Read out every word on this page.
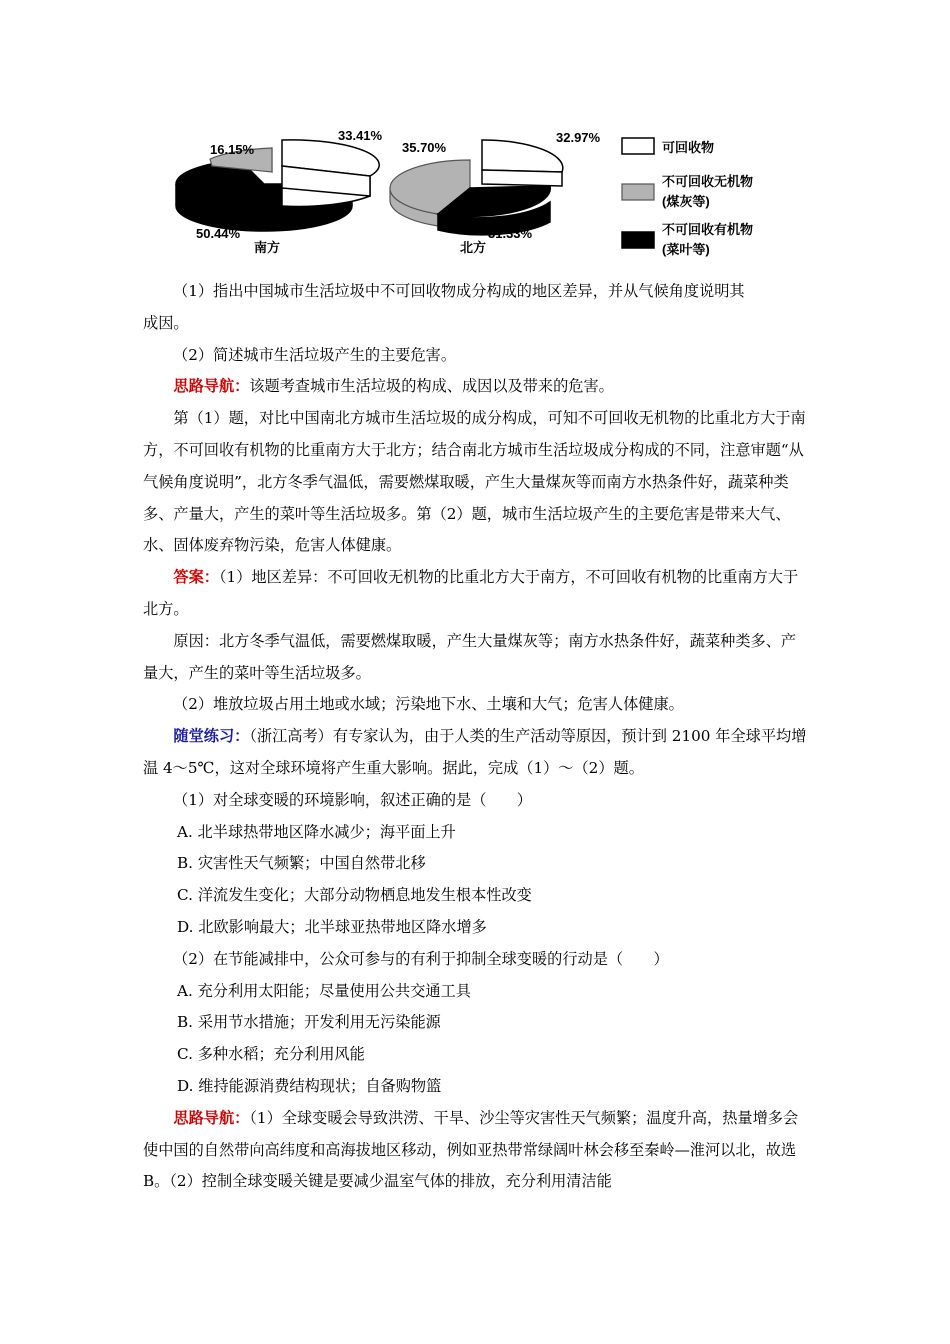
16.15%
33.41%
50.44%
南方
35.70%
32.97%
31.33%
北方
可回收物
不可回收无机物
(煤灰等)
不可回收有机物
(菜叶等)

（1）指出中国城市生活垃圾中不可回收物成分构成的地区差异，并从气候角度说明其

成因。

（2）简述城市生活垃圾产生的主要危害。

思路导航：该题考查城市生活垃圾的构成、成因以及带来的危害。

第（1）题，对比中国南北方城市生活垃圾的成分构成，可知不可回收无机物的比重北方大于南方，不可回收有机物的比重南方大于北方；结合南北方城市生活垃圾成分构成的不同，注意审题“从气候角度说明”，北方冬季气温低，需要燃煤取暖，产生大量煤灰等而南方水热条件好，蔬菜种类多、产量大，产生的菜叶等生活垃圾多。第（2）题，城市生活垃圾产生的主要危害是带来大气、水、固体废弃物污染，危害人体健康。

答案：（1）地区差异：不可回收无机物的比重北方大于南方，不可回收有机物的比重南方大于北方。

原因：北方冬季气温低，需要燃煤取暖，产生大量煤灰等；南方水热条件好，蔬菜种类多、产量大，产生的菜叶等生活垃圾多。

（2）堆放垃圾占用土地或水域；污染地下水、土壤和大气；危害人体健康。

随堂练习：（浙江高考）有专家认为，由于人类的生产活动等原因，预计到 2100 年全球平均增温 4～5℃，这对全球环境将产生重大影响。据此，完成（1）～（2）题。

（1）对全球变暖的环境影响，叙述正确的是（　　）

A. 北半球热带地区降水减少；海平面上升

B. 灾害性天气频繁；中国自然带北移

C. 洋流发生变化；大部分动物栖息地发生根本性改变

D. 北欧影响最大；北半球亚热带地区降水增多

（2）在节能减排中，公众可参与的有利于抑制全球变暖的行动是（　　）

A. 充分利用太阳能；尽量使用公共交通工具

B. 采用节水措施；开发利用无污染能源

C. 多种水稻；充分利用风能

D. 维持能源消费结构现状；自备购物篮

思路导航：（1）全球变暖会导致洪涝、干旱、沙尘等灾害性天气频繁；温度升高，热量增多会使中国的自然带向高纬度和高海拔地区移动，例如亚热带常绿阔叶林会移至秦岭—淮河以北，故选 B。（2）控制全球变暖关键是要减少温室气体的排放，充分利用清洁能
